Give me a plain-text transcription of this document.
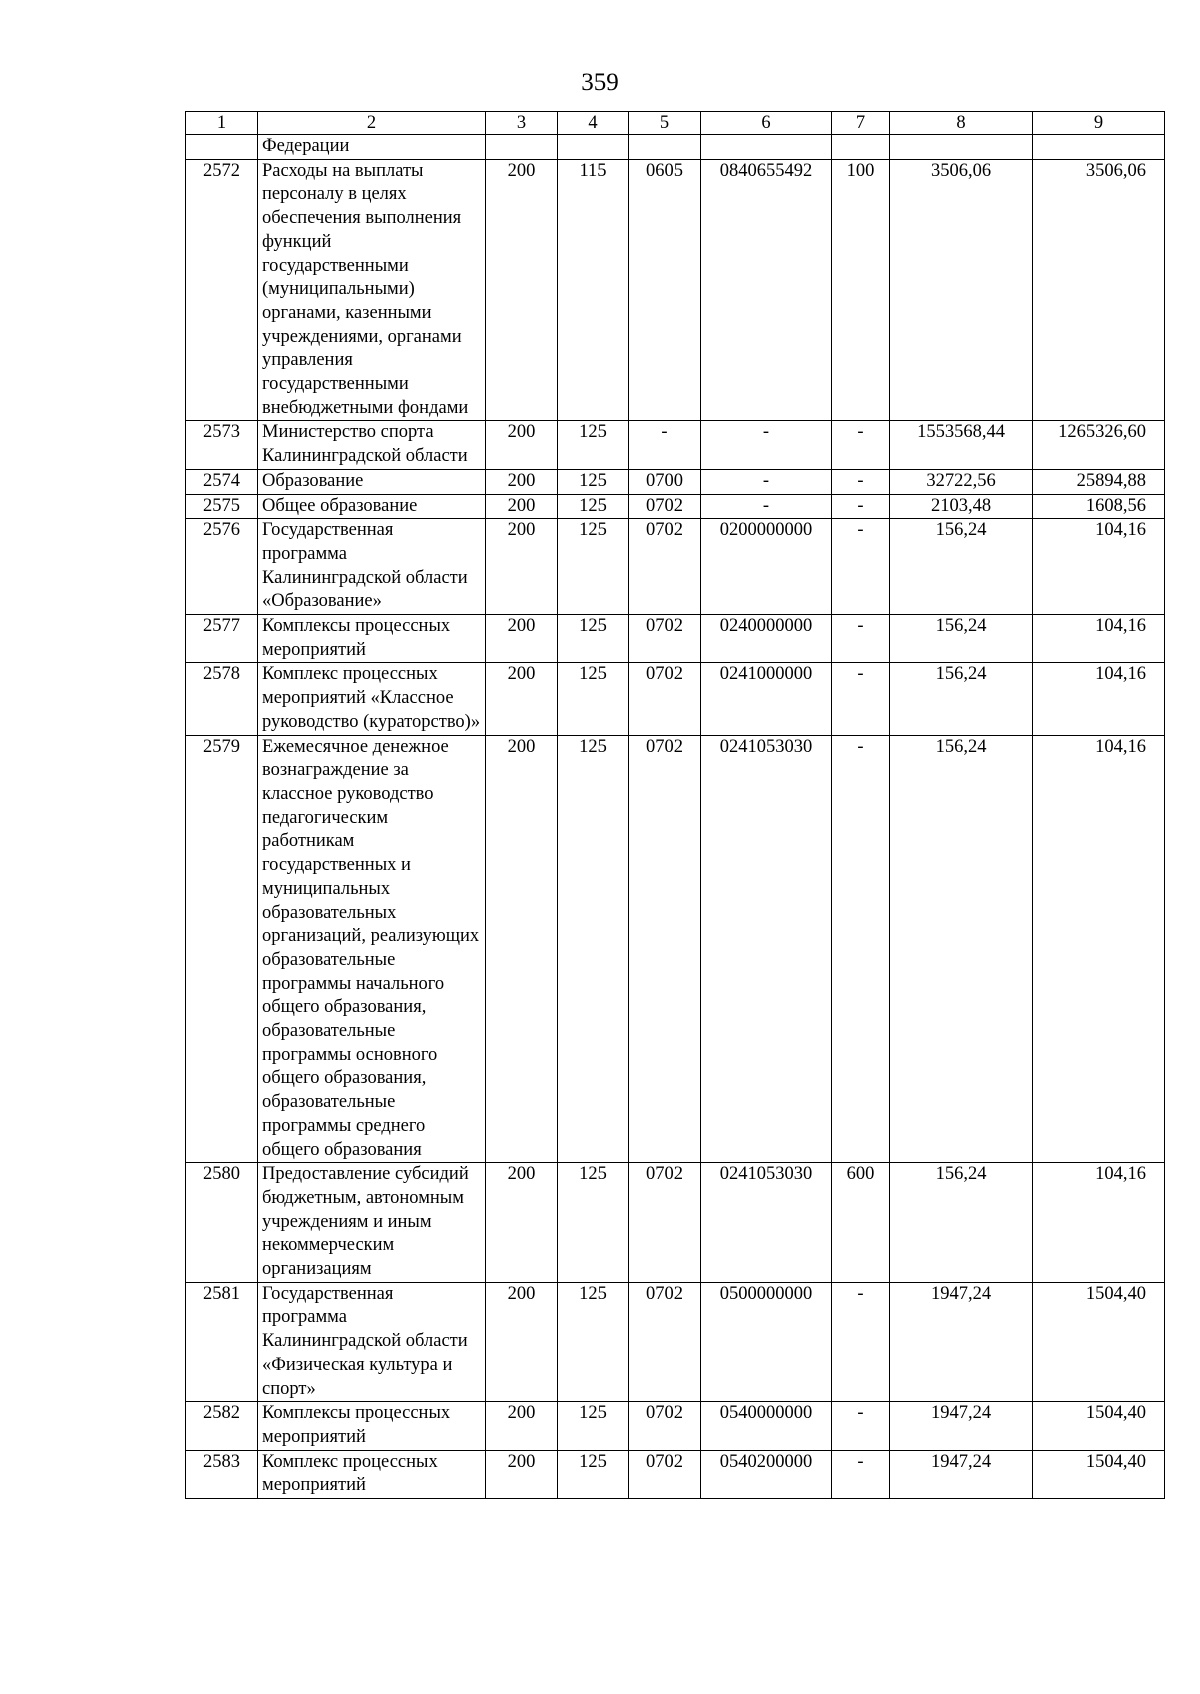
359
1	2	3	4	5	6	7	8	9
	Федерации							
2572	Расходы на выплаты персоналу в целях обеспечения выполнения функций государственными (муниципальными) органами, казенными учреждениями, органами управления государственными внебюджетными фондами	200	115	0605	0840655492	100	3506,06	3506,06
2573	Министерство спорта Калининградской области	200	125	-	-	-	1553568,44	1265326,60
2574	Образование	200	125	0700	-	-	32722,56	25894,88
2575	Общее образование	200	125	0702	-	-	2103,48	1608,56
2576	Государственная программа Калининградской области «Образование»	200	125	0702	0200000000	-	156,24	104,16
2577	Комплексы процессных мероприятий	200	125	0702	0240000000	-	156,24	104,16
2578	Комплекс процессных мероприятий «Классное руководство (кураторство)»	200	125	0702	0241000000	-	156,24	104,16
2579	Ежемесячное денежное вознаграждение за классное руководство педагогическим работникам государственных и муниципальных образовательных организаций, реализующих образовательные программы начального общего образования, образовательные программы основного общего образования, образовательные программы среднего общего образования	200	125	0702	0241053030	-	156,24	104,16
2580	Предоставление субсидий бюджетным, автономным учреждениям и иным некоммерческим организациям	200	125	0702	0241053030	600	156,24	104,16
2581	Государственная программа Калининградской области «Физическая культура и спорт»	200	125	0702	0500000000	-	1947,24	1504,40
2582	Комплексы процессных мероприятий	200	125	0702	0540000000	-	1947,24	1504,40
2583	Комплекс процессных мероприятий	200	125	0702	0540200000	-	1947,24	1504,40
